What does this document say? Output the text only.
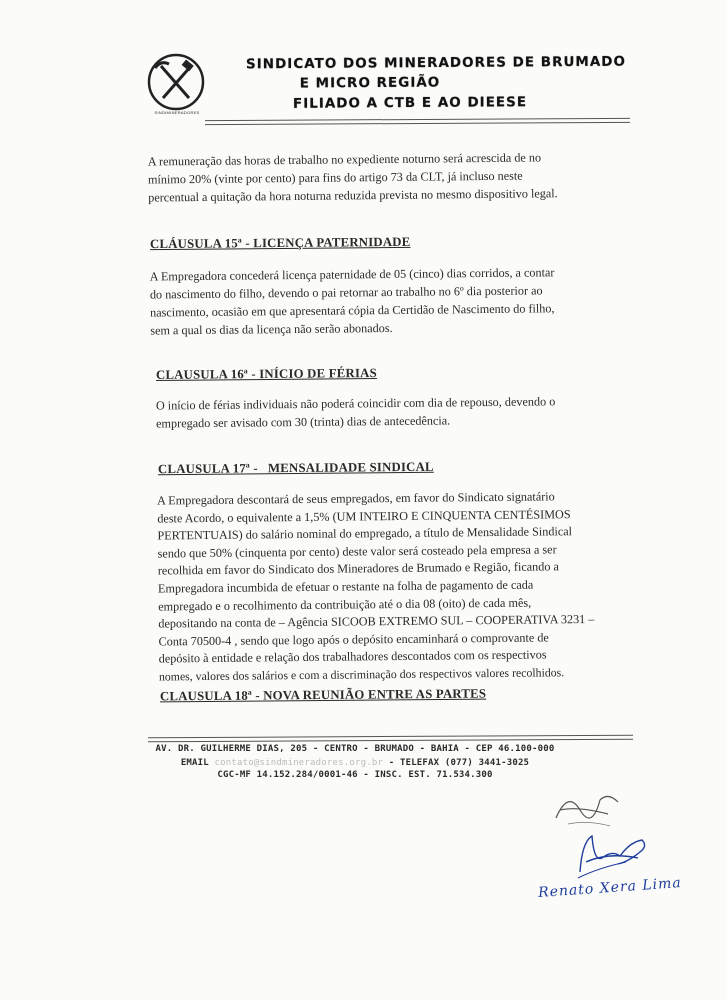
SINDIMINERADORES
SINDICATO DOS MINERADORES DE BRUMADO
E MICRO REGIÃO
FILIADO A CTB E AO DIEESE
A remuneração das horas de trabalho no expediente noturno será acrescida de no
mínimo 20% (vinte por cento) para fins do artigo 73 da CLT, já incluso neste
percentual a quitação da hora noturna reduzida prevista no mesmo dispositivo legal.
CLÁUSULA 15ª - LICENÇA PATERNIDADE
A Empregadora concederá licença paternidade de 05 (cinco) dias corridos, a contar
do nascimento do filho, devendo o pai retornar ao trabalho no 6º dia posterior ao
nascimento, ocasião em que apresentará cópia da Certidão de Nascimento do filho,
sem a qual os dias da licença não serão abonados.
CLAUSULA 16ª - INÍCIO DE FÉRIAS
O início de férias individuais não poderá coincidir com dia de repouso, devendo o
empregado ser avisado com 30 (trinta) dias de antecedência.
CLAUSULA 17ª -   MENSALIDADE SINDICAL
A Empregadora descontará de seus empregados, em favor do Sindicato signatário
deste Acordo, o equivalente a 1,5% (UM INTEIRO E CINQUENTA CENTÉSIMOS
PERTENTUAIS) do salário nominal do empregado, a título de Mensalidade Sindical
sendo que 50% (cinquenta por cento) deste valor será costeado pela empresa a ser
recolhida em favor do Sindicato dos Mineradores de Brumado e Região, ficando a
Empregadora incumbida de efetuar o restante na folha de pagamento de cada
empregado e o recolhimento da contribuição até o dia 08 (oito) de cada mês,
depositando na conta de – Agência SICOOB EXTREMO SUL – COOPERATIVA 3231 –
Conta 70500-4 , sendo que logo após o depósito encaminhará o comprovante de
depósito à entidade e relação dos trabalhadores descontados com os respectivos
nomes, valores dos salários e com a discriminação dos respectivos valores recolhidos.
CLAUSULA 18ª - NOVA REUNIÃO ENTRE AS PARTES
AV. DR. GUILHERME DIAS, 205 - CENTRO - BRUMADO - BAHIA - CEP 46.100-000
EMAIL contato@sindmineradores.org.br - TELEFAX (077) 3441-3025
CGC-MF 14.152.284/0001-46 - INSC. EST. 71.534.300
Renato Xera Lima
